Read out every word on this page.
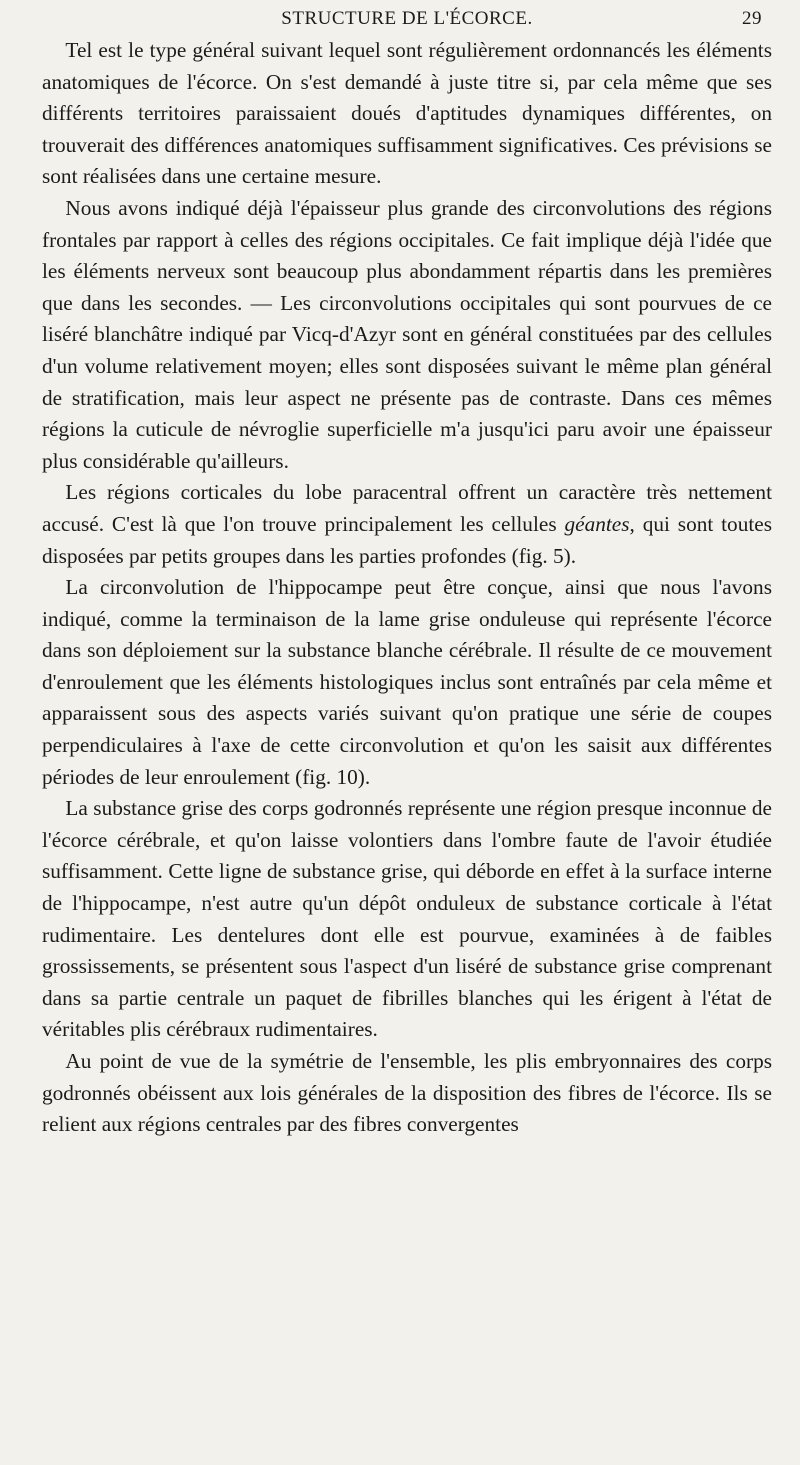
STRUCTURE DE L'ÉCORCE.	29

Tel est le type général suivant lequel sont régulièrement ordonnancés les éléments anatomiques de l'écorce. On s'est demandé à juste titre si, par cela même que ses différents territoires paraissaient doués d'aptitudes dynamiques différentes, on trouverait des différences anatomiques suffisamment significatives. Ces prévisions se sont réalisées dans une certaine mesure.

Nous avons indiqué déjà l'épaisseur plus grande des circonvolutions des régions frontales par rapport à celles des régions occipitales. Ce fait implique déjà l'idée que les éléments nerveux sont beaucoup plus abondamment répartis dans les premières que dans les secondes. — Les circonvolutions occipitales qui sont pourvues de ce liséré blanchâtre indiqué par Vicq-d'Azyr sont en général constituées par des cellules d'un volume relativement moyen; elles sont disposées suivant le même plan général de stratification, mais leur aspect ne présente pas de contraste. Dans ces mêmes régions la cuticule de névroglie superficielle m'a jusqu'ici paru avoir une épaisseur plus considérable qu'ailleurs.

Les régions corticales du lobe paracentral offrent un caractère très nettement accusé. C'est là que l'on trouve principalement les cellules géantes, qui sont toutes disposées par petits groupes dans les parties profondes (fig. 5).

La circonvolution de l'hippocampe peut être conçue, ainsi que nous l'avons indiqué, comme la terminaison de la lame grise onduleuse qui représente l'écorce dans son déploiement sur la substance blanche cérébrale. Il résulte de ce mouvement d'enroulement que les éléments histologiques inclus sont entraînés par cela même et apparaissent sous des aspects variés suivant qu'on pratique une série de coupes perpendiculaires à l'axe de cette circonvolution et qu'on les saisit aux différentes périodes de leur enroulement (fig. 10).

La substance grise des corps godronnés représente une région presque inconnue de l'écorce cérébrale, et qu'on laisse volontiers dans l'ombre faute de l'avoir étudiée suffisamment. Cette ligne de substance grise, qui déborde en effet à la surface interne de l'hippocampe, n'est autre qu'un dépôt onduleux de substance corticale à l'état rudimentaire. Les dentelures dont elle est pourvue, examinées à de faibles grossissements, se présentent sous l'aspect d'un liséré de substance grise comprenant dans sa partie centrale un paquet de fibrilles blanches qui les érigent à l'état de véritables plis cérébraux rudimentaires.

Au point de vue de la symétrie de l'ensemble, les plis embryonnaires des corps godronnés obéissent aux lois générales de la disposition des fibres de l'écorce. Ils se relient aux régions centrales par des fibres convergentes
